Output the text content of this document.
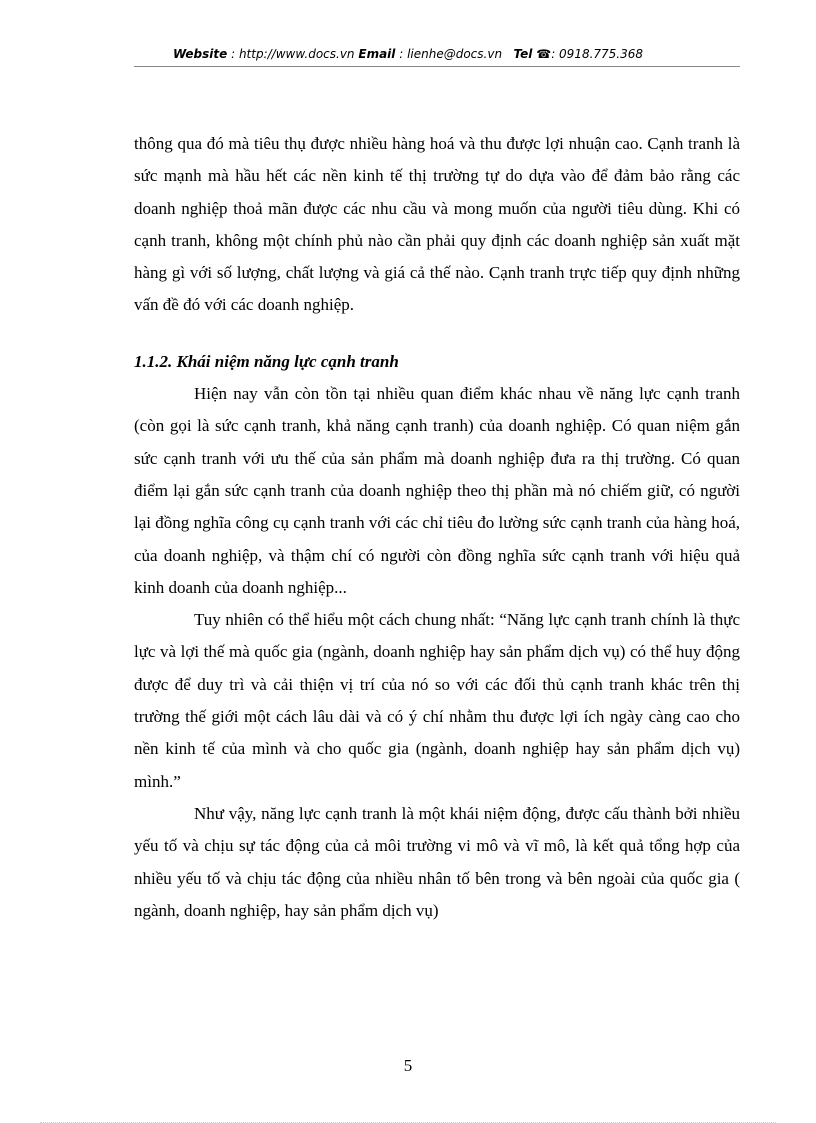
Website : http://www.docs.vn Email : lienhe@docs.vn Tel ☎: 0918.775.368

thông qua đó mà tiêu thụ được nhiều hàng hoá và thu được lợi nhuận cao. Cạnh tranh là sức mạnh mà hầu hết các nền kinh tế thị trường tự do dựa vào để đảm bảo rằng các doanh nghiệp thoả mãn được các nhu cầu và mong muốn của người tiêu dùng. Khi có cạnh tranh, không một chính phủ nào cần phải quy định các doanh nghiệp sản xuất mặt hàng gì với số lượng, chất lượng và giá cả thế nào. Cạnh tranh trực tiếp quy định những vấn đề đó với các doanh nghiệp.

1.1.2. Khái niệm năng lực cạnh tranh

Hiện nay vẫn còn tồn tại nhiều quan điểm khác nhau về năng lực cạnh tranh (còn gọi là sức cạnh tranh, khả năng cạnh tranh) của doanh nghiệp. Có quan niệm gắn sức cạnh tranh với ưu thế của sản phẩm mà doanh nghiệp đưa ra thị trường. Có quan điểm lại gắn sức cạnh tranh của doanh nghiệp theo thị phần mà nó chiếm giữ, có người lại đồng nghĩa công cụ cạnh tranh với các chỉ tiêu đo lường sức cạnh tranh của hàng hoá, của doanh nghiệp, và thậm chí có người còn đồng nghĩa sức cạnh tranh với hiệu quả kinh doanh của doanh nghiệp...

Tuy nhiên có thể hiểu một cách chung nhất: “Năng lực cạnh tranh chính là thực lực và lợi thế mà quốc gia (ngành, doanh nghiệp hay sản phẩm dịch vụ) có thể huy động được để duy trì và cải thiện vị trí của nó so với các đối thủ cạnh tranh khác trên thị trường thế giới một cách lâu dài và có ý chí nhằm thu được lợi ích ngày càng cao cho nền kinh tế của mình và cho quốc gia (ngành, doanh nghiệp hay sản phẩm dịch vụ) mình.”

Như vậy, năng lực cạnh tranh là một khái niệm động, được cấu thành bởi nhiều yếu tố và chịu sự tác động của cả môi trường vi mô và vĩ mô, là kết quả tổng hợp của nhiều yếu tố và chịu tác động của nhiều nhân tố bên trong và bên ngoài của quốc gia ( ngành, doanh nghiệp, hay sản phẩm dịch vụ)

5
